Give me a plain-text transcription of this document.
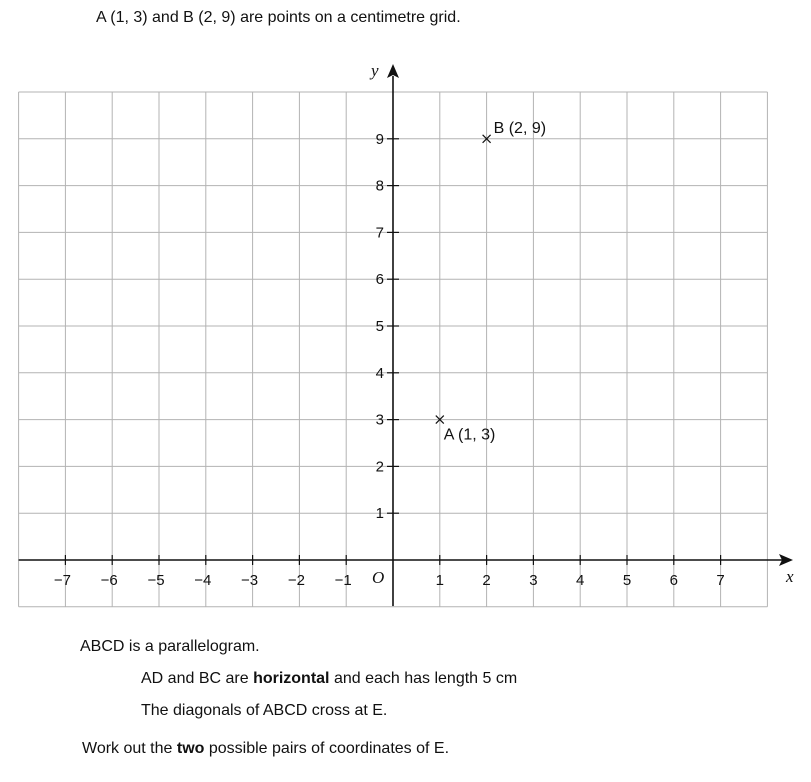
A (1, 3) and B (2, 9) are points on a centimetre grid.
x
y
O
−7 −6 −5 −4 −3 −2 −1	1	2	3	4	5	6	7
1
2
3
4
5
6
7
8
9
A (1, 3)
B (2, 9)
ABCD is a parallelogram.
AD and BC are horizontal and each has length 5 cm
The diagonals of ABCD cross at E.
Work out the two possible pairs of coordinates of E.
